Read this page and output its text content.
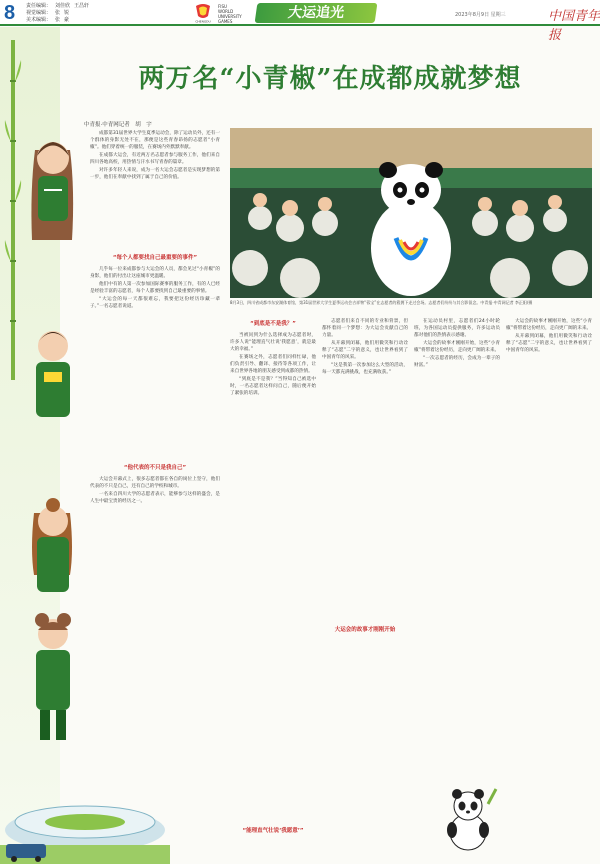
8 责任编辑： 刘佳欣 王昌轩
视觉编辑： 张 锐
美术编辑： 张 豪	CHENGDU
FISU
WORLD
UNIVERSITY
GAMES
大运追光	2023年8月9日 星期三	中国青年报
两万名“小青椒”在成都成就梦想
中青报·中青网记者　胡　宇

成都第31届世界大学生夏季运动会，除了运动员外，还有一个群体的身影无处不在，那便是这些青春昂扬的志愿者“小青椒”。他们穿着统一的服装，在赛场内外默默奉献。

在成都大运会，有近两万名志愿者参与服务工作，他们来自四川各地高校，用热情与汗水书写青春的篇章。

对许多年轻人来说，成为一名大运会志愿者是实现梦想的第一步，他们在奉献中找到了属于自己的价值。

“每个人都要找自己最重要的事件”

几乎每一位来成都参与大运会的人员，都会见过“小青椒”的身影，他们的付出让这座城市更温暖。

他们中有的人第一次参加国际赛事的服务工作，有的人已经是经验丰富的志愿者，每个人都要找到自己最重要的事情。

“大运会的每一天都很难忘，我要把这份经历珍藏一辈子。”一名志愿者说道。

“他代表的不只是我自己”

大运会开幕式上，很多志愿者都在各自的岗位上坚守，他们代表的不只是自己，还有自己的学校和城市。

一名来自四川大学的志愿者表示，能够参与这样的盛会，是人生中最宝贵的经历之一。

8月3日，四川省成都市东安湖体育馆，第31届世界大学生夏季运动会吉祥物“蓉宝”在志愿者的簇拥下走过会场。志愿者们纷纷与其合影留念。中青报·中青网记者 李正阳/摄
“到底是不是我？”

当被问到为什么选择成为志愿者时，许多人说“能理直气壮说‘我愿意’，就是最大的幸福。”

在赛场之外，志愿者们同样忙碌，他们负责引导、翻译、接待等各项工作，让来自世界各地的朋友感受到成都的热情。

“到底是不是我？”当得知自己被选中时，一名志愿者这样问自己，随后便开始了紧张的培训。

“能理直气壮说‘我愿意’”

志愿者们来自不同的专业和背景，但都怀着同一个梦想：为大运会贡献自己的力量。

从开幕到闭幕，他们用微笑和行动诠释了“志愿”二字的意义，也让世界看到了中国青年的风采。

“这是我第一次参加这么大型的活动，每一天都充满挑战，也充满收获。”

大运会的故事才刚刚开始

在运动员村里，志愿者们24小时轮班，为各国运动员提供服务，许多运动员都对他们的热情表示感谢。

大运会的故事才刚刚开始，这些“小青椒”将带着这份经历，走向更广阔的未来。

“一次志愿者的经历，会成为一辈子的财富。”

大运会的故事才刚刚开始，这些“小青椒”将带着这份经历，走向更广阔的未来。

从开幕到闭幕，他们用微笑和行动诠释了“志愿”二字的意义，也让世界看到了中国青年的风采。
